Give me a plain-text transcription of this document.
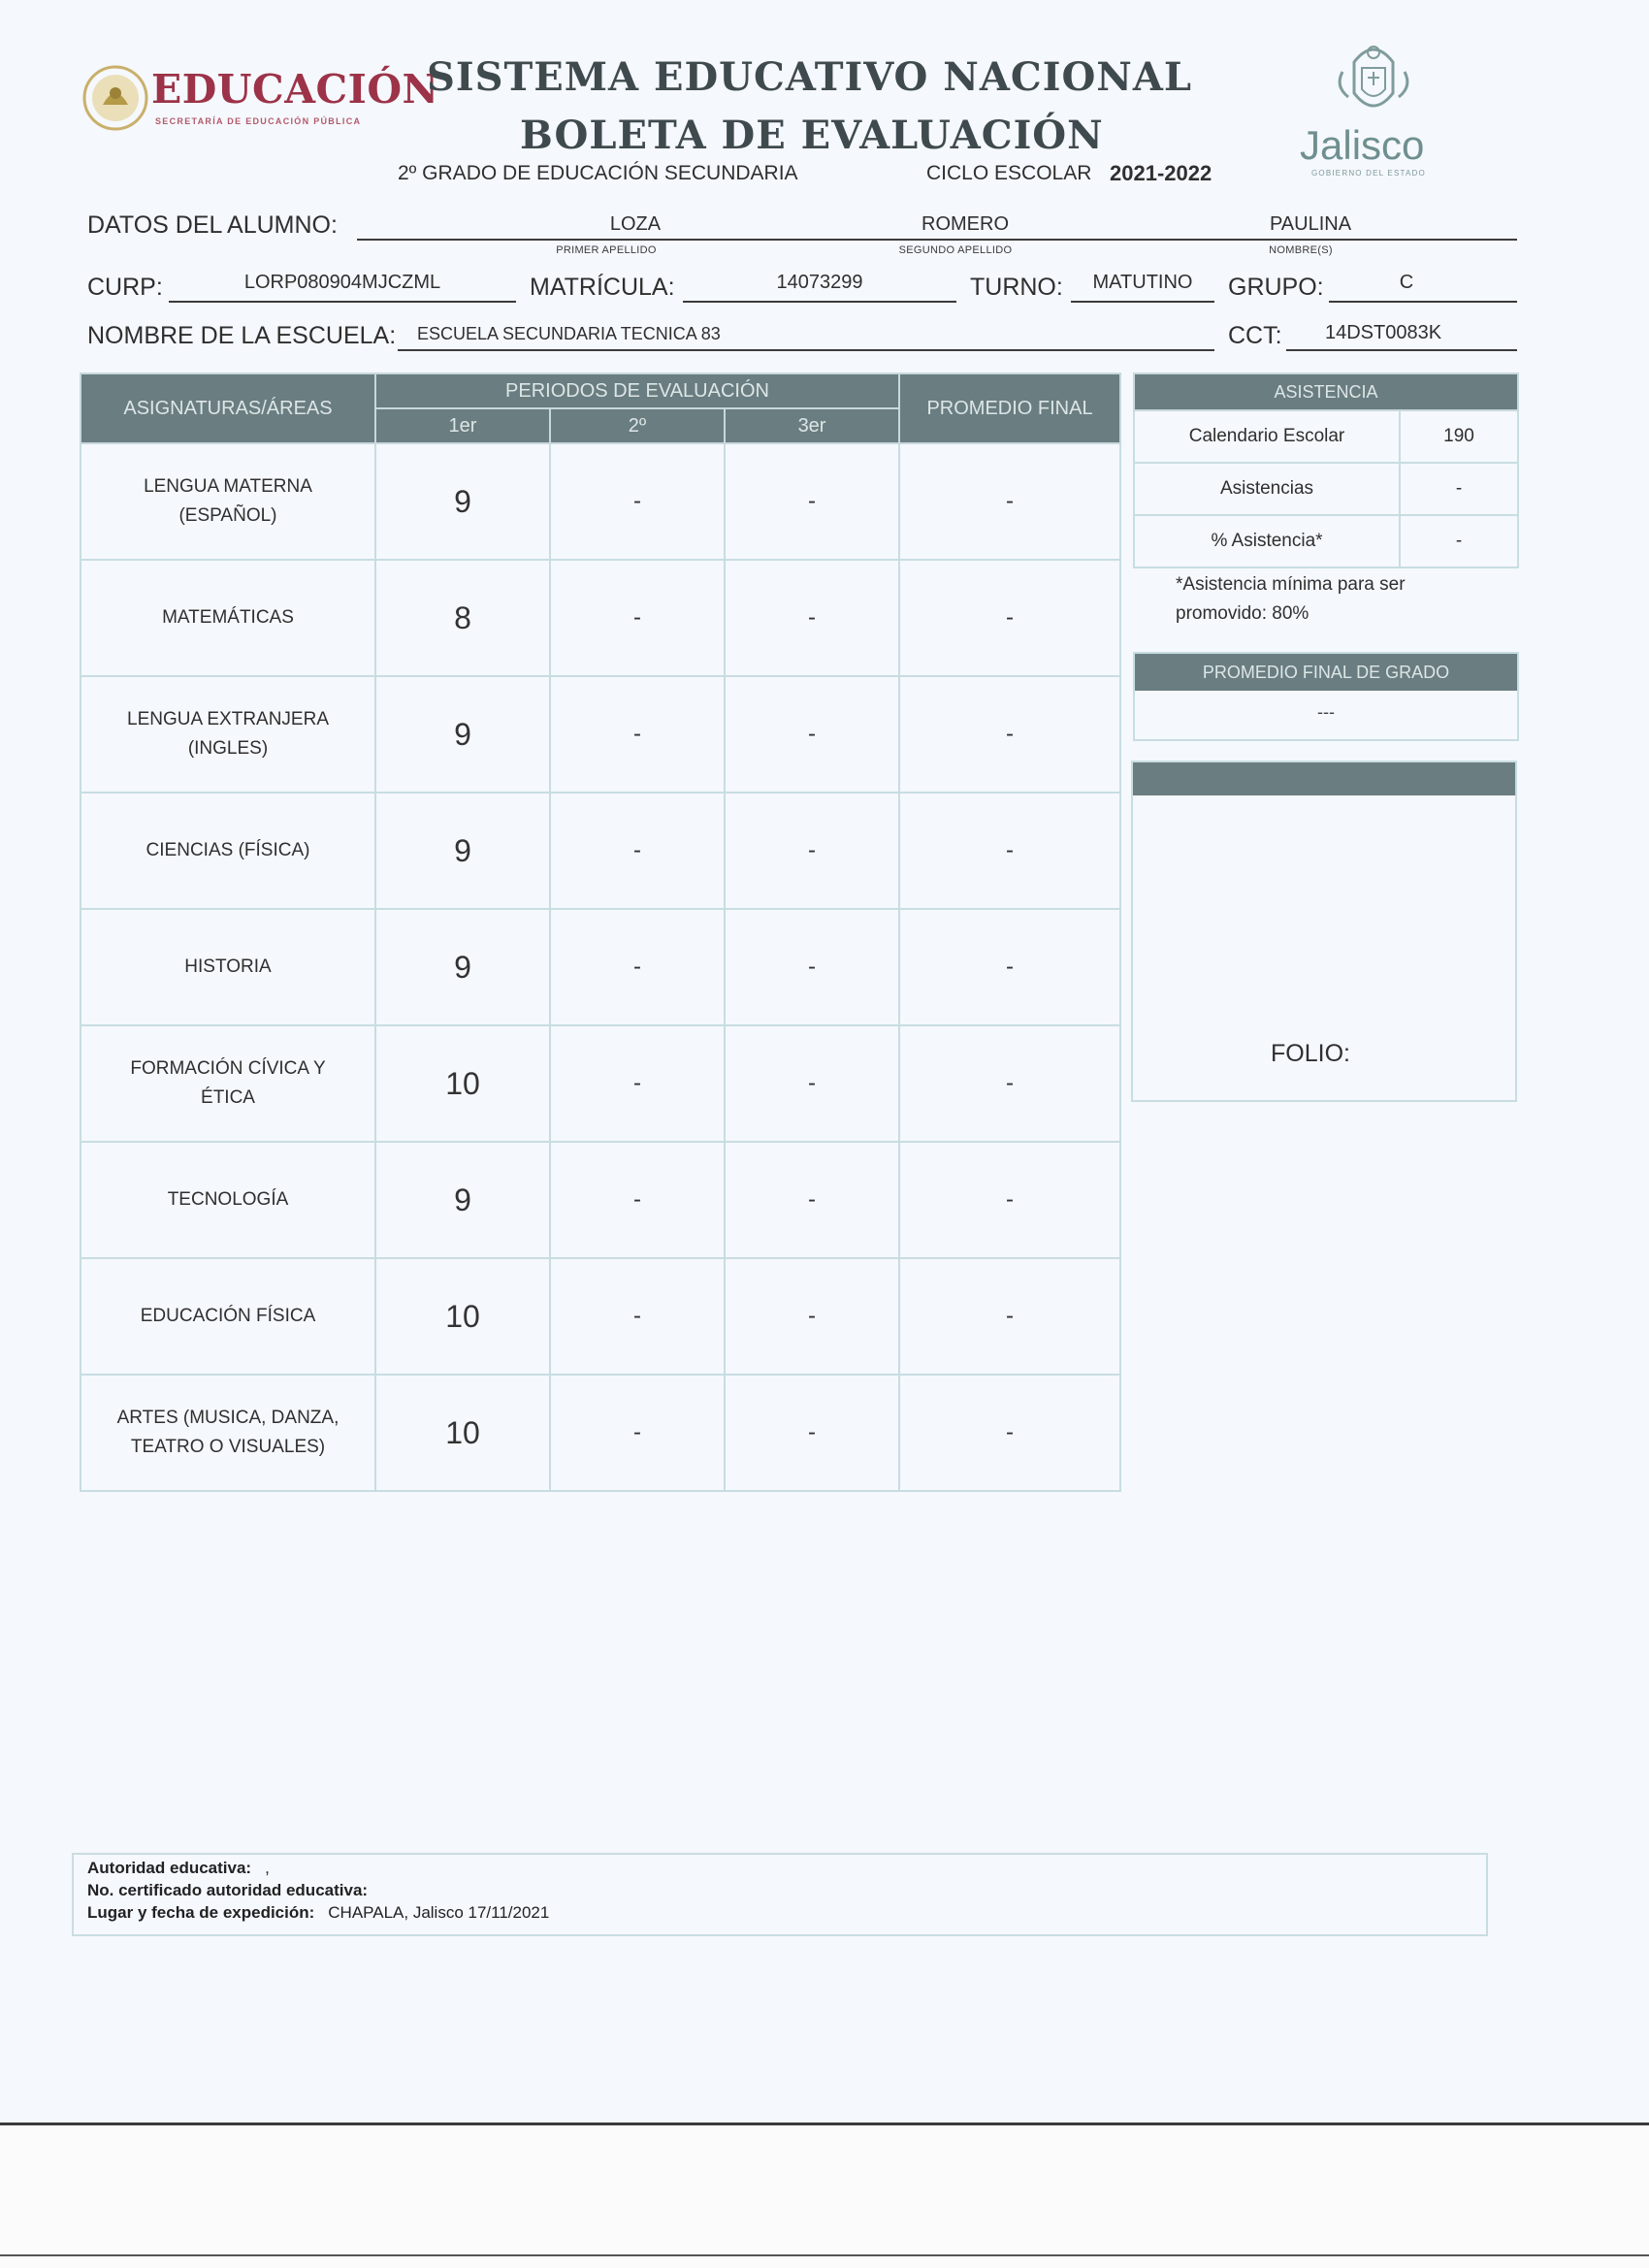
EDUCACIÓN
SECRETARÍA DE EDUCACIÓN PÚBLICA
SISTEMA EDUCATIVO NACIONAL
BOLETA DE EVALUACIÓN
2º GRADO DE EDUCACIÓN SECUNDARIA	CICLO ESCOLAR 2021-2022
Jalisco
GOBIERNO DEL ESTADO
DATOS DEL ALUMNO:	LOZA	ROMERO	PAULINA
PRIMER APELLIDO	SEGUNDO APELLIDO	NOMBRE(S)
CURP:	LORP080904MJCZML	MATRÍCULA:	14073299	TURNO:	MATUTINO	GRUPO:	C
NOMBRE DE LA ESCUELA: ESCUELA SECUNDARIA TECNICA 83	CCT:	14DST0083K
ASIGNATURAS/ÁREAS	PERIODOS DE EVALUACIÓN			PROMEDIO FINAL
	1er	2º	3er	

LENGUA MATERNA
(ESPAÑOL)	9	-	-	-

MATEMÁTICAS	8	-	-	-

LENGUA EXTRANJERA
(INGLES)	9	-	-	-

CIENCIAS (FÍSICA)	9	-	-	-

HISTORIA	9	-	-	-

FORMACIÓN CÍVICA Y
ÉTICA	10	-	-	-

TECNOLOGÍA	9	-	-	-

EDUCACIÓN FÍSICA	10	-	-	-

ARTES (MUSICA, DANZA,
TEATRO O VISUALES)	10	-	-	-
ASISTENCIA	
Calendario Escolar	190
Asistencias	-
% Asistencia*	-
*Asistencia mínima para ser promovido: 80%
PROMEDIO FINAL DE GRADO
---
FOLIO:
Autoridad educativa: ,
No. certificado autoridad educativa:
Lugar y fecha de expedición: CHAPALA, Jalisco 17/11/2021
